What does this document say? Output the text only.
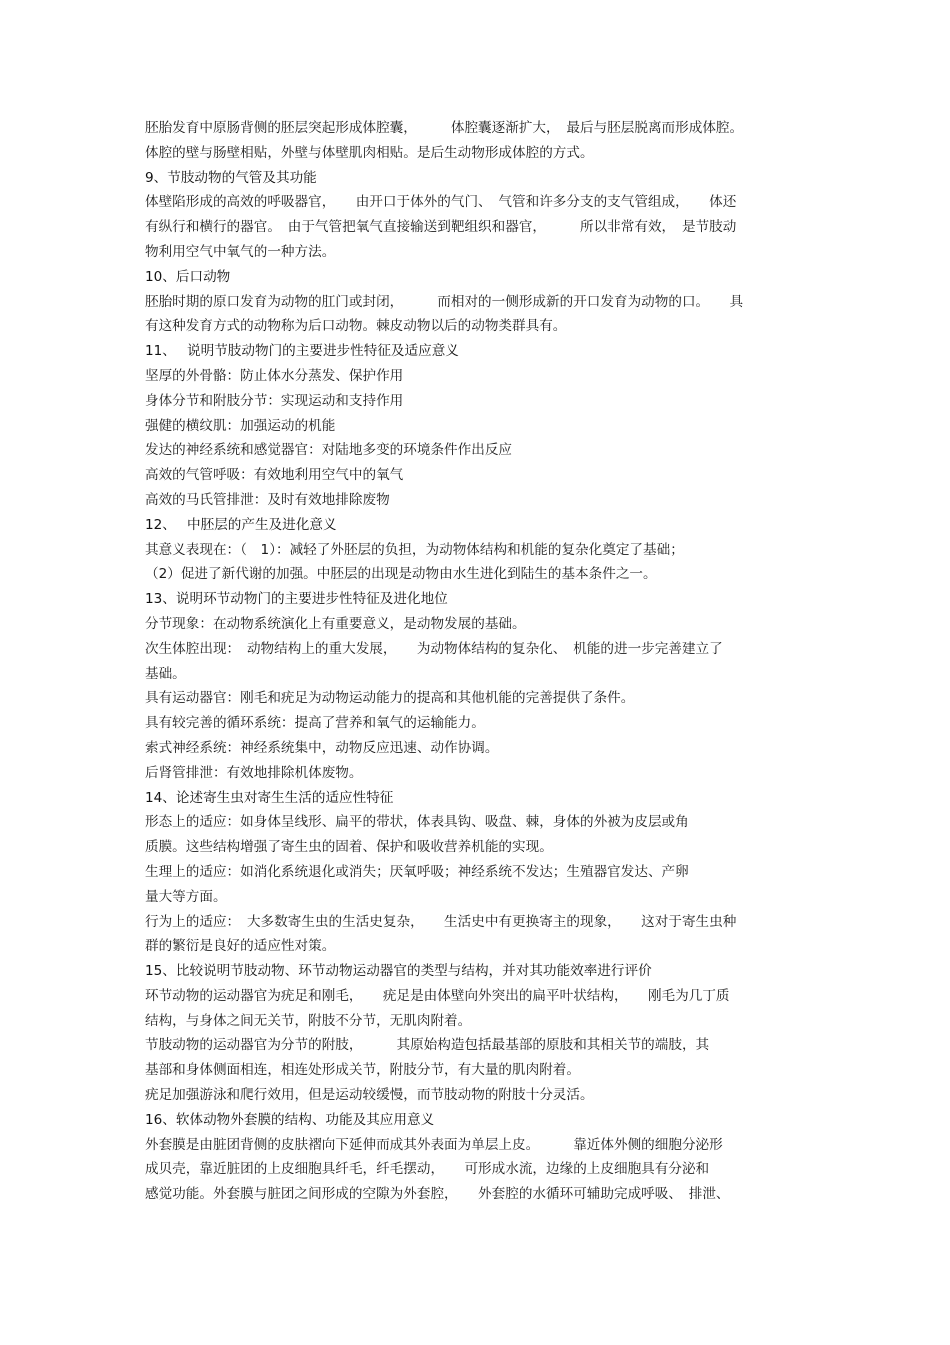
胚胎发育中原肠背侧的胚层突起形成体腔囊，　　　体腔囊逐渐扩大，　最后与胚层脱离而形成体腔。
体腔的壁与肠壁相贴，外壁与体壁肌肉相贴。是后生动物形成体腔的方式。
9、节肢动物的气管及其功能
体壁陷形成的高效的呼吸器官，　　由开口于体外的气门、　气管和许多分支的支气管组成，　　体还
有纵行和横行的器官。　由于气管把氧气直接输送到靶组织和器官，　　　所以非常有效，　是节肢动
物利用空气中氧气的一种方法。
10、后口动物
胚胎时期的原口发育为动物的肛门或封闭，　　　而相对的一侧形成新的开口发育为动物的口。　　具
有这种发育方式的动物称为后口动物。棘皮动物以后的动物类群具有。
11、　 说明节肢动物门的主要进步性特征及适应意义
坚厚的外骨骼：防止体水分蒸发、保护作用
身体分节和附肢分节：实现运动和支持作用
强健的横纹肌：加强运动的机能
发达的神经系统和感觉器官：对陆地多变的环境条件作出反应
高效的气管呼吸：有效地利用空气中的氧气
高效的马氏管排泄：及时有效地排除废物
12、　 中胚层的产生及进化意义
其意义表现在：（　1）：减轻了外胚层的负担，为动物体结构和机能的复杂化奠定了基础；
（2）促进了新代谢的加强。中胚层的出现是动物由水生进化到陆生的基本条件之一。
13、说明环节动物门的主要进步性特征及进化地位
分节现象：在动物系统演化上有重要意义，是动物发展的基础。
次生体腔出现：　动物结构上的重大发展，　　为动物体结构的复杂化、　机能的进一步完善建立了
基础。
具有运动器官：刚毛和疣足为动物运动能力的提高和其他机能的完善提供了条件。
具有较完善的循环系统：提高了营养和氧气的运输能力。
索式神经系统：神经系统集中，动物反应迅速、动作协调。
后肾管排泄：有效地排除机体废物。
14、论述寄生虫对寄生生活的适应性特征
形态上的适应：如身体呈线形、扁平的带状，体表具钩、吸盘、棘，身体的外被为皮层或角
质膜。这些结构增强了寄生虫的固着、保护和吸收营养机能的实现。
生理上的适应：如消化系统退化或消失；厌氧呼吸；神经系统不发达；生殖器官发达、产卵
量大等方面。
行为上的适应：　大多数寄生虫的生活史复杂，　　生活史中有更换寄主的现象，　　这对于寄生虫种
群的繁衍是良好的适应性对策。
15、比较说明节肢动物、环节动物运动器官的类型与结构，并对其功能效率进行评价
环节动物的运动器官为疣足和刚毛，　　疣足是由体壁向外突出的扁平叶状结构，　　刚毛为几丁质
结构，与身体之间无关节，附肢不分节，无肌肉附着。
节肢动物的运动器官为分节的附肢，　　　其原始构造包括最基部的原肢和其相关节的端肢，其
基部和身体侧面相连，相连处形成关节，附肢分节，有大量的肌肉附着。
疣足加强游泳和爬行效用，但是运动较缓慢，而节肢动物的附肢十分灵活。
16、软体动物外套膜的结构、功能及其应用意义
外套膜是由脏团背侧的皮肤褶向下延伸而成其外表面为单层上皮。　　　靠近体外侧的细胞分泌形
成贝壳，靠近脏团的上皮细胞具纤毛，纤毛摆动，　　可形成水流，边缘的上皮细胞具有分泌和
感觉功能。外套膜与脏团之间形成的空隙为外套腔，　　外套腔的水循环可辅助完成呼吸、　排泄、
